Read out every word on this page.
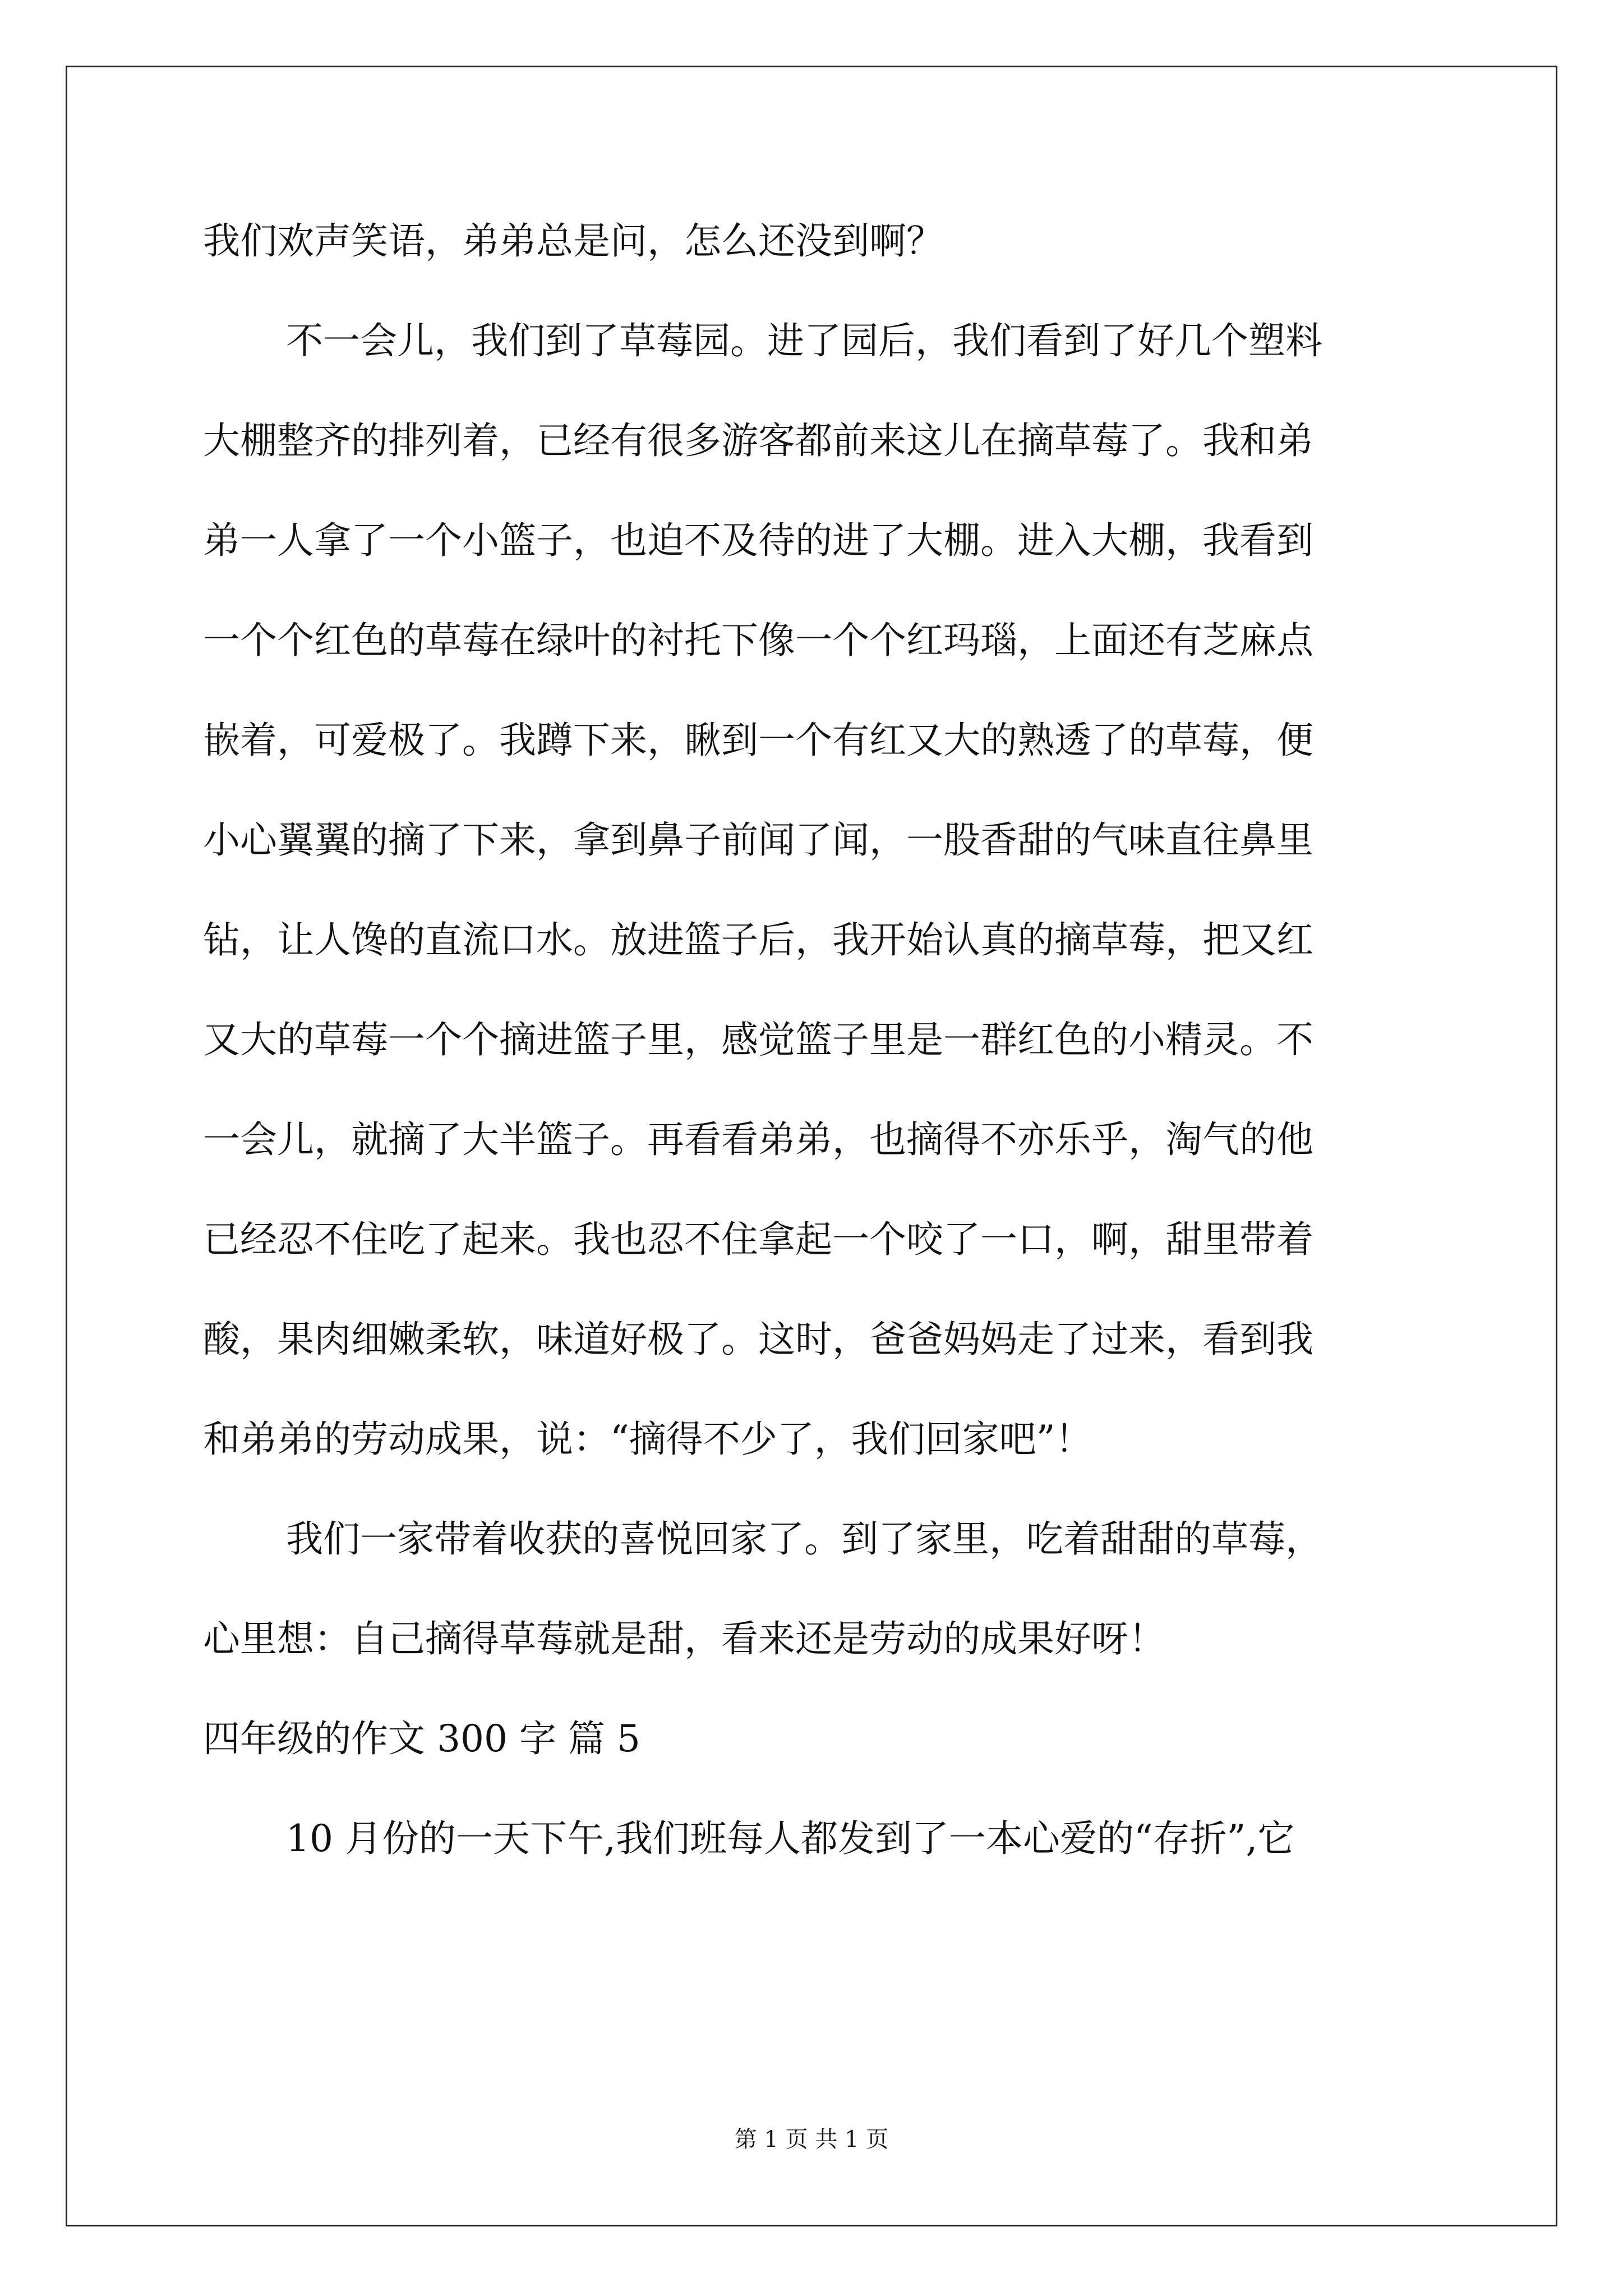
我们欢声笑语，弟弟总是问，怎么还没到啊？
不一会儿，我们到了草莓园。进了园后，我们看到了好几个塑料
大棚整齐的排列着，已经有很多游客都前来这儿在摘草莓了。我和弟
弟一人拿了一个小篮子，也迫不及待的进了大棚。进入大棚，我看到
一个个红色的草莓在绿叶的衬托下像一个个红玛瑙，上面还有芝麻点
嵌着，可爱极了。我蹲下来，瞅到一个有红又大的熟透了的草莓，便
小心翼翼的摘了下来，拿到鼻子前闻了闻，一股香甜的气味直往鼻里
钻，让人馋的直流口水。放进篮子后，我开始认真的摘草莓，把又红
又大的草莓一个个摘进篮子里，感觉篮子里是一群红色的小精灵。不
一会儿，就摘了大半篮子。再看看弟弟，也摘得不亦乐乎，淘气的他
已经忍不住吃了起来。我也忍不住拿起一个咬了一口，啊，甜里带着
酸，果肉细嫩柔软，味道好极了。这时，爸爸妈妈走了过来，看到我
和弟弟的劳动成果，说：“摘得不少了，我们回家吧”！
我们一家带着收获的喜悦回家了。到了家里，吃着甜甜的草莓，
心里想：自己摘得草莓就是甜，看来还是劳动的成果好呀！
四年级的作文 300 字 篇 5
10 月份的一天下午,我们班每人都发到了一本心爱的“存折”,它
第 1 页 共 1 页
